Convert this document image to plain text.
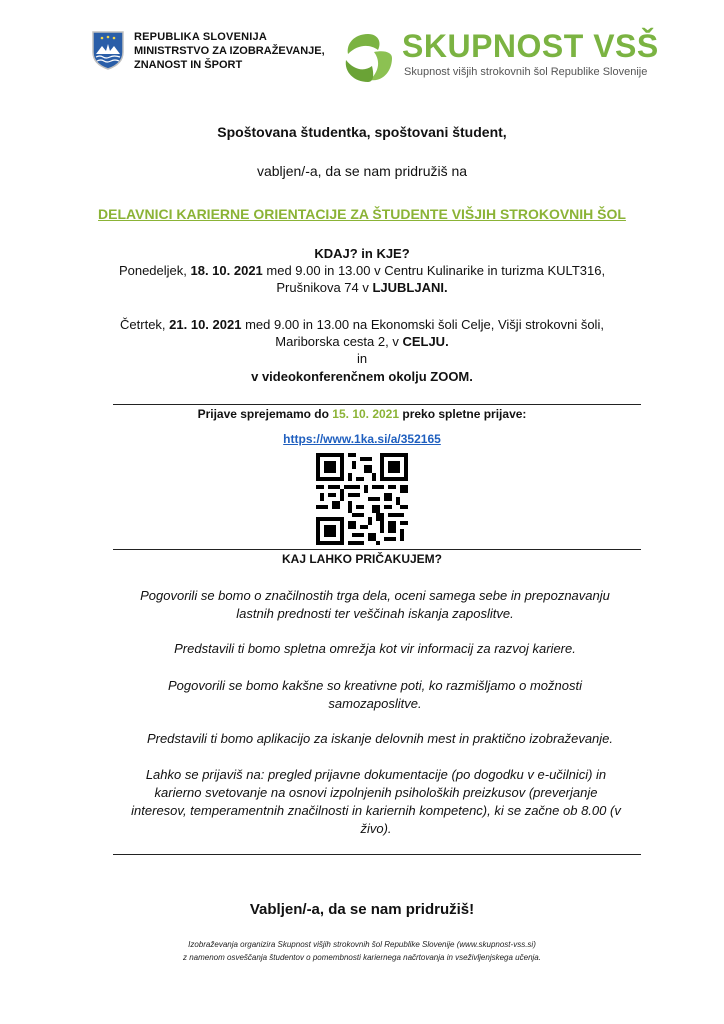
REPUBLIKA SLOVENIJA
MINISTRSTVO ZA IZOBRAŽEVANJE,
ZNANOST IN ŠPORT
SKUPNOST VSŠ
Skupnost višjih strokovnih šol Republike Slovenije
Spoštovana študentka, spoštovani študent,
vabljen/-a, da se nam pridružiš na
DELAVNICI KARIERNE ORIENTACIJE ZA ŠTUDENTE VIŠJIH STROKOVNIH ŠOL
KDAJ? in KJE?
Ponedeljek, 18. 10. 2021 med 9.00 in 13.00 v Centru Kulinarike in turizma KULT316,
Prušnikova 74 v LJUBLJANI.
Četrtek, 21. 10. 2021 med 9.00 in 13.00 na Ekonomski šoli Celje, Višji strokovni šoli,
Mariborska cesta 2, v CELJU.
in
v videokonferenčnem okolju ZOOM.
Prijave sprejemamo do 15. 10. 2021 preko spletne prijave:
https://www.1ka.si/a/352165
KAJ LAHKO PRIČAKUJEM?
Pogovorili se bomo o značilnostih trga dela, oceni samega sebe in prepoznavanju lastnih prednosti ter veščinah iskanja zaposlitve.
Predstavili ti bomo spletna omrežja kot vir informacij za razvoj kariere.
Pogovorili se bomo kakšne so kreativne poti, ko razmišljamo o možnosti samozaposlitve.
Predstavili ti bomo aplikacijo za iskanje delovnih mest in praktično izobraževanje.
Lahko se prijaviš na: pregled prijavne dokumentacije (po dogodku v e-učilnici) in karierno svetovanje na osnovi izpolnjenih psiholoških preizkusov (preverjanje interesov, temperamentnih značilnosti in kariernih kompetenc), ki se začne ob 8.00 (v živo).
Vabljen/-a, da se nam pridružiš!
Izobraževanja organizira Skupnost višjih strokovnih šol Republike Slovenije (www.skupnost-vss.si)
z namenom osveščanja študentov o pomembnosti kariernega načrtovanja in vseživljenjskega učenja.
